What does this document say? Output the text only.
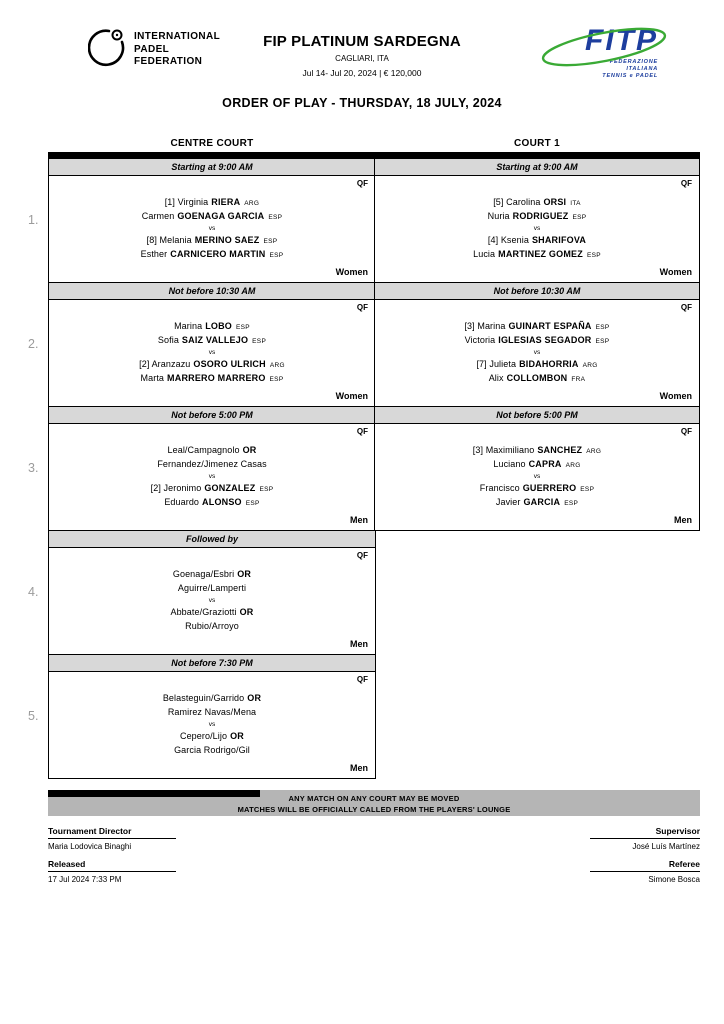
INTERNATIONAL
PADEL
FEDERATION
FIP PLATINUM SARDEGNA
CAGLIARI, ITA
Jul 14- Jul 20, 2024 | € 120,000
FITP
FEDERAZIONE
ITALIANA
TENNIS e PADEL
ORDER OF PLAY - THURSDAY, 18 JULY, 2024
1.
2.
3.
4.
5.
CENTRE COURT
Starting at 9:00 AM
QF
[1] Virginia RIERA ARG
Carmen GOENAGA GARCIA ESP
vs
[8] Melania MERINO SAEZ ESP
Esther CARNICERO MARTIN ESP
Women
Not before 10:30 AM
QF
Marina LOBO ESP
Sofia SAIZ VALLEJO ESP
vs
[2] Aranzazu OSORO ULRICH ARG
Marta MARRERO MARRERO ESP
Women
Not before 5:00 PM
QF
Leal/Campagnolo OR
Fernandez/Jimenez Casas
vs
[2] Jeronimo GONZALEZ ESP
Eduardo ALONSO ESP
Men
Followed by
QF
Goenaga/Esbri OR
Aguirre/Lamperti
vs
Abbate/Graziotti OR
Rubio/Arroyo
Men
Not before 7:30 PM
QF
Belasteguin/Garrido OR
Ramirez Navas/Mena
vs
Cepero/Lijo OR
Garcia Rodrigo/Gil
Men
COURT 1
Starting at 9:00 AM
QF
[5] Carolina ORSI ITA
Nuria RODRIGUEZ ESP
vs
[4] Ksenia SHARIFOVA
Lucia MARTINEZ GOMEZ ESP
Women
Not before 10:30 AM
QF
[3] Marina GUINART ESPAÑA ESP
Victoria IGLESIAS SEGADOR ESP
vs
[7] Julieta BIDAHORRIA ARG
Alix COLLOMBON FRA
Women
Not before 5:00 PM
QF
[3] Maximiliano SANCHEZ ARG
Luciano CAPRA ARG
vs
Francisco GUERRERO ESP
Javier GARCIA ESP
Men
ANY MATCH ON ANY COURT MAY BE MOVED
MATCHES WILL BE OFFICIALLY CALLED FROM THE PLAYERS' LOUNGE
Tournament Director
Maria Lodovica Binaghi
Released
17 Jul 2024 7:33 PM
Supervisor
José Luís Martínez
Referee
Simone Bosca
